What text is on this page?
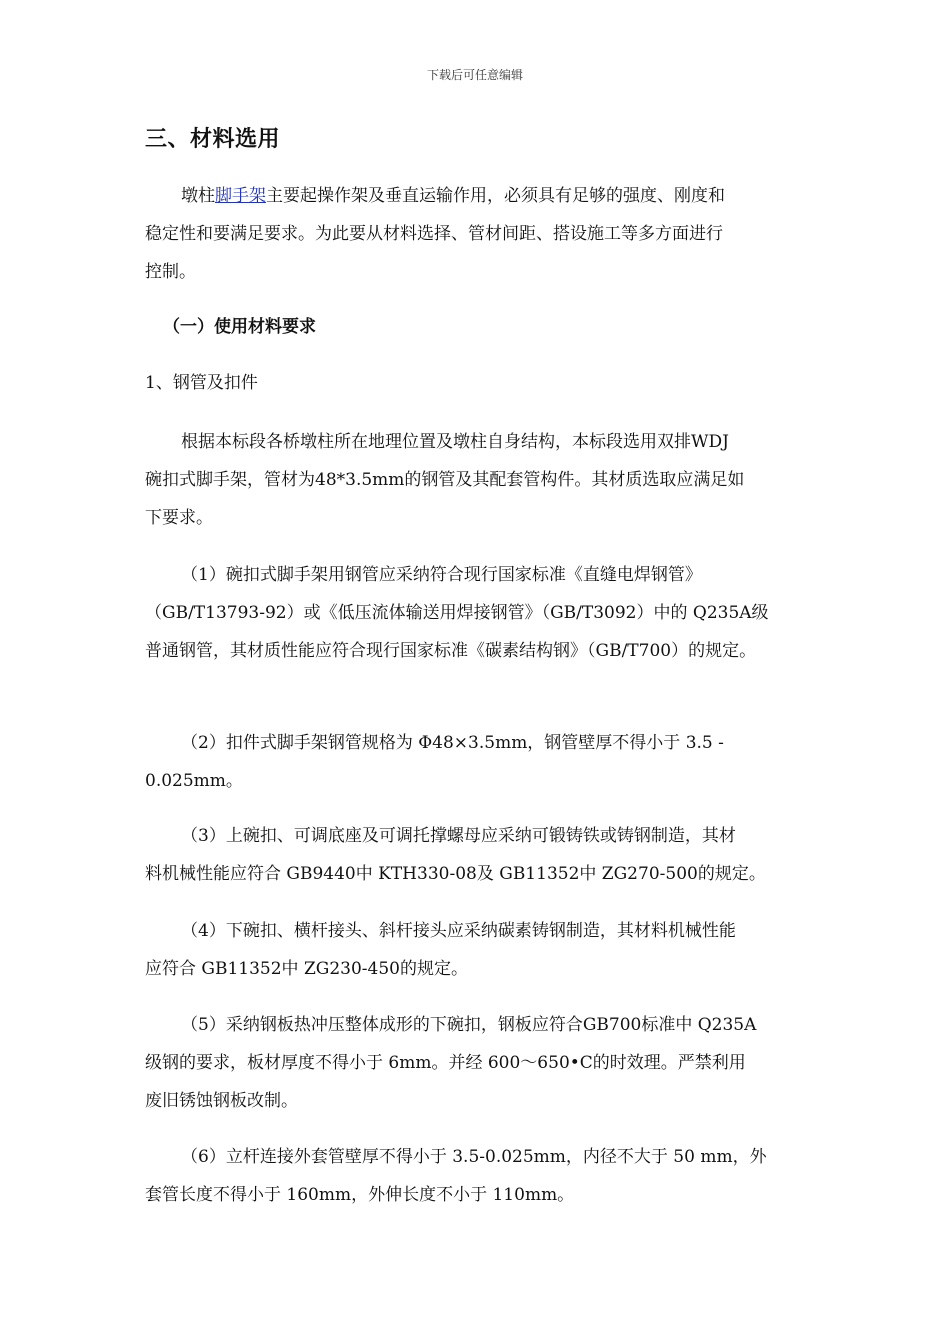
下载后可任意编辑
三、材料选用

墩柱脚手架主要起操作架及垂直运输作用，必须具有足够的强度、刚度和
稳定性和要满足要求。为此要从材料选择、管材间距、搭设施工等多方面进行
控制。

（一）使用材料要求
1、钢管及扣件

根据本标段各桥墩柱所在地理位置及墩柱自身结构，本标段选用双排WDJ
碗扣式脚手架，管材为48*3.5mm的钢管及其配套管构件。其材质选取应满足如
下要求。

（1）碗扣式脚手架用钢管应采纳符合现行国家标准《直缝电焊钢管》
（GB/T13793-92）或《低压流体输送用焊接钢管》（GB/T3092）中的 Q235A级
普通钢管，其材质性能应符合现行国家标准《碳素结构钢》（GB/T700）的规定。

（2）扣件式脚手架钢管规格为 Φ48×3.5mm，钢管壁厚不得小于 3.5 -
0.025mm。

（3）上碗扣、可调底座及可调托撑螺母应采纳可锻铸铁或铸钢制造，其材
料机械性能应符合 GB9440中 KTH330-08及 GB11352中 ZG270-500的规定。

（4）下碗扣、横杆接头、斜杆接头应采纳碳素铸钢制造，其材料机械性能
应符合 GB11352中 ZG230-450的规定。

（5）采纳钢板热冲压整体成形的下碗扣，钢板应符合GB700标准中 Q235A
级钢的要求，板材厚度不得小于 6mm。并经 600～650•C的时效理。严禁利用
废旧锈蚀钢板改制。

（6）立杆连接外套管壁厚不得小于 3.5-0.025mm，内径不大于 50 mm，外
套管长度不得小于 160mm，外伸长度不小于 110mm。
